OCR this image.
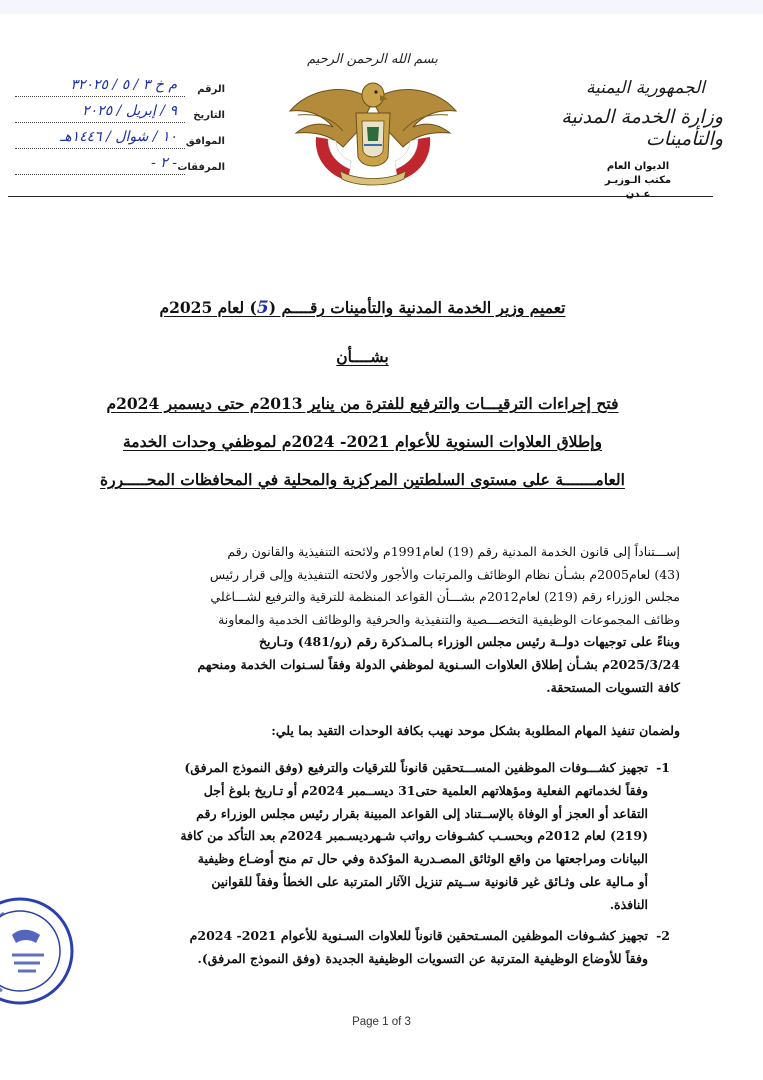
الجمهورية اليمنية
وزارة الخدمة المدنية والتأمينات
الديوان العام
مكتب الـوزيـر
عـدن
بسم الله الرحمن الرحيم
الرقم
م خ ٣ / ٥ / ٣٢٠٢٥
التاريخ
٩ / إبريل / ٢٠٢٥
الموافق
١٠ / شوال / ١٤٤٦هـ
المرفقات
- ٢ -
تعميم وزير الخدمة المدنية والتأمينات رقــــم (5) لعام 2025م
بشــــأن
فتح إجراءات الترقيـــات والترفيع للفترة من يناير 2013م حتى ديسمبر 2024م
وإطلاق العلاوات السنوية للأعوام 2021- 2024م لموظفي وحدات الخدمة
العامـــــــة على مستوى السلطتين المركزية والمحلية في المحافظات المحـــــررة
إســـتناداً إلى قانون الخدمة المدنية رقم (19) لعام1991م ولائحته التنفيذية والقانون رقم
(43) لعام2005م بشـأن نظام الوظائف والمرتبات والأجور ولائحته التنفيذية وإلى قرار رئيس
مجلس الوزراء رقم (219) لعام2012م بشـــأن القواعد المنظمة للترقية والترفيع لشـــاغلي
وظائف المجموعات الوظيفية التخصـــصية والتنفيذية والحرفية والوظائف الخدمية والمعاونة
وبناءً على توجيهات دولــة رئيس مجلس الوزراء بـالمـذكرة رقم (رو/481) وتـاريخ
2025/3/24م بشـأن إطلاق العلاوات السـنوية لموظفي الدولة وفقاً لسـنوات الخدمة ومنحهم
كافة التسويات المستحقة.
ولضمان تنفيذ المهام المطلوبة بشكل موحد نهيب بكافة الوحدات التقيد بما يلي:
1-
تجهيز كشـــوفات الموظفين المســـتحقين قانوناً للترقيات والترفيع (وفق النموذج المرفق)
وفقاً لخدماتهم الفعلية ومؤهلاتهم العلمية حتى31 ديســمبر 2024م أو تـاريخ بلوغ أجل
التقاعد أو العجز أو الوفاة بالإســتناد إلى القواعد المبينة بقرار رئيس مجلس الوزراء رقم
(219) لعام 2012م وبحسـب كشـوفات رواتب شـهرديسـمبر 2024م بعد التأكد من كافة
البيانات ومراجعتها من واقع الوثائق المصـدرية المؤكدة وفي حال تم منح أوضـاع وظيفية
أو مـالية على وثـائق غير قانونية ســيتم تنزيل الآثار المترتبة على الخطأ وفقاً للقوانين
النافذة.
2-
تجهيز كشـوفات الموظفين المسـتحقين قانوناً للعلاوات السـنوية للأعوام 2021- 2024م
وفقاً للأوضاع الوظيفية المترتبة عن التسويات الوظيفية الجديدة (وفق النموذج المرفق).
Page 1 of 3
